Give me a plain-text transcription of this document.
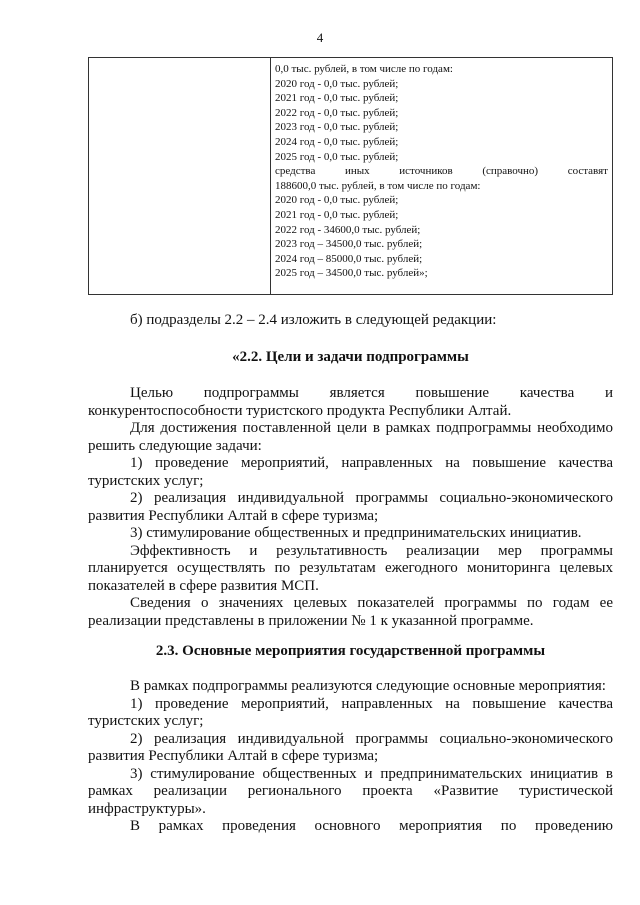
4
0,0 тыс. рублей, в том числе по годам:
2020 год - 0,0 тыс. рублей;
2021 год - 0,0 тыс. рублей;
2022 год - 0,0 тыс. рублей;
2023 год - 0,0 тыс. рублей;
2024 год - 0,0 тыс. рублей;
2025 год - 0,0 тыс. рублей;
средства	иных	источников	(справочно)	составят
188600,0 тыс. рублей, в том числе по годам:
2020 год - 0,0 тыс. рублей;
2021 год - 0,0 тыс. рублей;
2022 год - 34600,0 тыс. рублей;
2023 год – 34500,0 тыс. рублей;
2024 год – 85000,0 тыс. рублей;
2025 год – 34500,0 тыс. рублей»;

б) подразделы 2.2 – 2.4 изложить в следующей редакции:

«2.2. Цели и задачи подпрограммы

Целью подпрограммы является повышение качества и

конкурентоспособности туристского продукта Республики Алтай.

Для достижения поставленной цели в рамках подпрограммы необходимо решить следующие задачи:

1) проведение мероприятий, направленных на повышение качества туристских услуг;

2) реализация индивидуальной программы социально-экономического развития Республики Алтай в сфере туризма;

3) стимулирование общественных и предпринимательских инициатив.

Эффективность и результативность реализации мер программы планируется осуществлять по результатам ежегодного мониторинга целевых показателей в сфере развития МСП.

Сведения о значениях целевых показателей программы по годам ее реализации представлены в приложении № 1 к указанной программе.

2.3. Основные мероприятия государственной программы

В рамках подпрограммы реализуются следующие основные мероприятия:

1) проведение мероприятий, направленных на повышение качества туристских услуг;

2) реализация индивидуальной программы социально-экономического развития Республики Алтай в сфере туризма;

3) стимулирование общественных и предпринимательских инициатив в рамках реализации регионального проекта «Развитие туристической инфраструктуры».

В рамках проведения основного мероприятия по проведению
